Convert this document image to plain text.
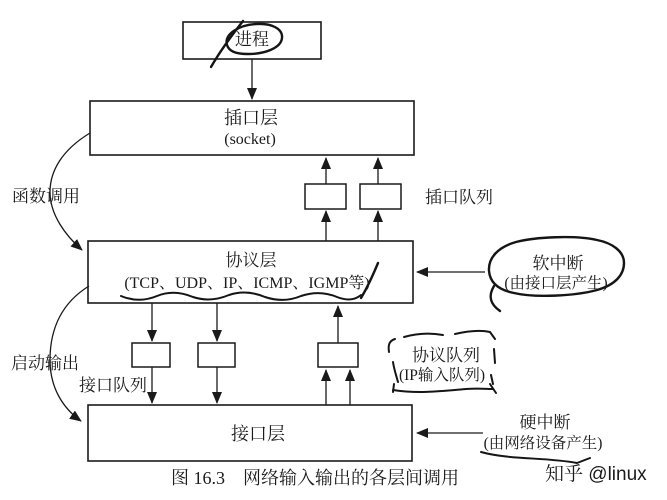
进程
插口层
(socket)
函数调用	插口队列
协议层
(TCP、UDP、IP、ICMP、IGMP等)
软中断
(由接口层产生)
启动输出
接口队列
协议队列
(IP输入队列)
接口层
硬中断
(由网络设备产生)
知乎 @linux
图 16.3　网络输入输出的各层间调用
